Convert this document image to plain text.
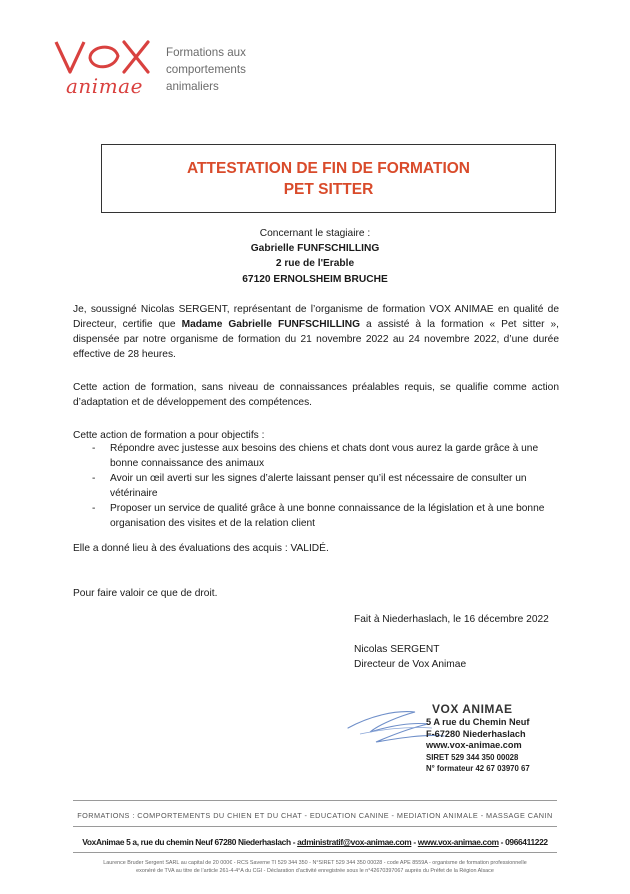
animae
Formations aux
comportements
animaliers
ATTESTATION DE FIN DE FORMATION
PET SITTER
Concernant le stagiaire :
Gabrielle FUNFSCHILLING
2 rue de l'Erable
67120 ERNOLSHEIM BRUCHE
Je, soussigné Nicolas SERGENT, représentant de l’organisme de formation VOX ANIMAE en qualité de Directeur, certifie que Madame Gabrielle FUNFSCHILLING a assisté à la formation « Pet sitter », dispensée par notre organisme de formation du 21 novembre 2022 au 24 novembre 2022, d’une durée effective de 28 heures.
Cette action de formation, sans niveau de connaissances préalables requis, se qualifie comme action d’adaptation et de développement des compétences.
Cette action de formation a pour objectifs :
- Répondre avec justesse aux besoins des chiens et chats dont vous aurez la garde grâce à une bonne connaissance des animaux
- Avoir un œil averti sur les signes d’alerte laissant penser qu’il est nécessaire de consulter un vétérinaire
- Proposer un service de qualité grâce à une bonne connaissance de la législation et à une bonne organisation des visites et de la relation client
Elle a donné lieu à des évaluations des acquis : VALIDÉ.
Pour faire valoir ce que de droit.
Fait à Niederhaslach, le 16 décembre 2022
Nicolas SERGENT
Directeur de Vox Animae
VOX ANIMAE
5 A rue du Chemin Neuf
F-67280 Niederhaslach
www.vox-animae.com
SIRET 529 344 350 00028
N° formateur 42 67 03970 67
FORMATIONS : COMPORTEMENTS DU CHIEN ET DU CHAT - EDUCATION CANINE - MEDIATION ANIMALE - MASSAGE CANIN
VoxAnimae 5 a, rue du chemin Neuf 67280 Niederhaslach - administratif@vox-animae.com - www.vox-animae.com - 0966411222
Laurence Bruder Sergent SARL au capital de 20 000€ - RCS Saverne TI 529 344 350 - N°SIRET 529 344 350 00028 - code APE 8559A - organisme de formation professionnelle
exonéré de TVA au titre de l’article 261-4-4°A du CGI - Déclaration d’activité enregistrée sous le n°42670397067 auprès du Préfet de la Région Alsace
